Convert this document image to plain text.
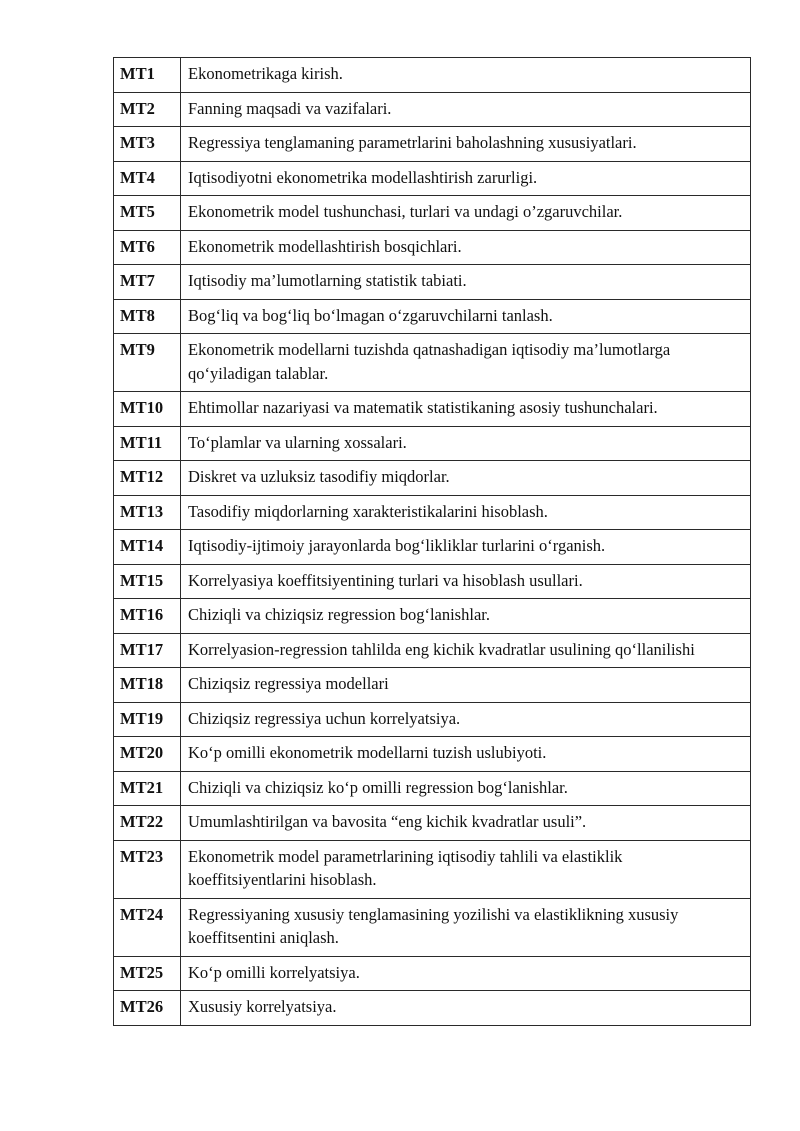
MT1	Ekonometrikaga kirish.
MT2	Fanning maqsadi va vazifalari.
MT3	Regressiya tenglamaning parametrlarini baholashning xususiyatlari.
MT4	Iqtisodiyotni ekonometrika modellashtirish zarurligi.
MT5	Ekonometrik model tushunchasi, turlari va undagi o’zgaruvchilar.
MT6	Ekonometrik modellashtirish bosqichlari.
MT7	Iqtisodiy ma’lumotlarning statistik tabiati.
MT8	Bog‘liq va bog‘liq bo‘lmagan o‘zgaruvchilarni tanlash.
MT9	Ekonometrik modellarni tuzishda qatnashadigan iqtisodiy ma’lumotlarga qo‘yiladigan talablar.
MT10	Ehtimollar nazariyasi va matematik statistikaning asosiy tushunchalari.
MT11	To‘plamlar va ularning xossalari.
MT12	Diskret va uzluksiz tasodifiy miqdorlar.
MT13	Tasodifiy miqdorlarning xarakteristikalarini hisoblash.
MT14	Iqtisodiy-ijtimoiy jarayonlarda bog‘likliklar turlarini o‘rganish.
MT15	Korrelyasiya koeffitsiyentining turlari va hisoblash usullari.
MT16	Chiziqli va chiziqsiz regression bog‘lanishlar.
MT17	Korrelyasion-regression tahlilda eng kichik kvadratlar usulining qo‘llanilishi
MT18	Chiziqsiz regressiya modellari
MT19	Chiziqsiz regressiya uchun korrelyatsiya.
MT20	Ko‘p omilli ekonometrik modellarni tuzish uslubiyoti.
MT21	Chiziqli va chiziqsiz ko‘p omilli regression bog‘lanishlar.
MT22	Umumlashtirilgan va bavosita “eng kichik kvadratlar usuli”.
MT23	Ekonometrik model parametrlarining iqtisodiy tahlili va elastiklik koeffitsiyentlarini hisoblash.
MT24	Regressiyaning xususiy tenglamasining yozilishi va elastiklikning xususiy koeffitsentini aniqlash.
MT25	Ko‘p omilli korrelyatsiya.
MT26	Xususiy korrelyatsiya.
